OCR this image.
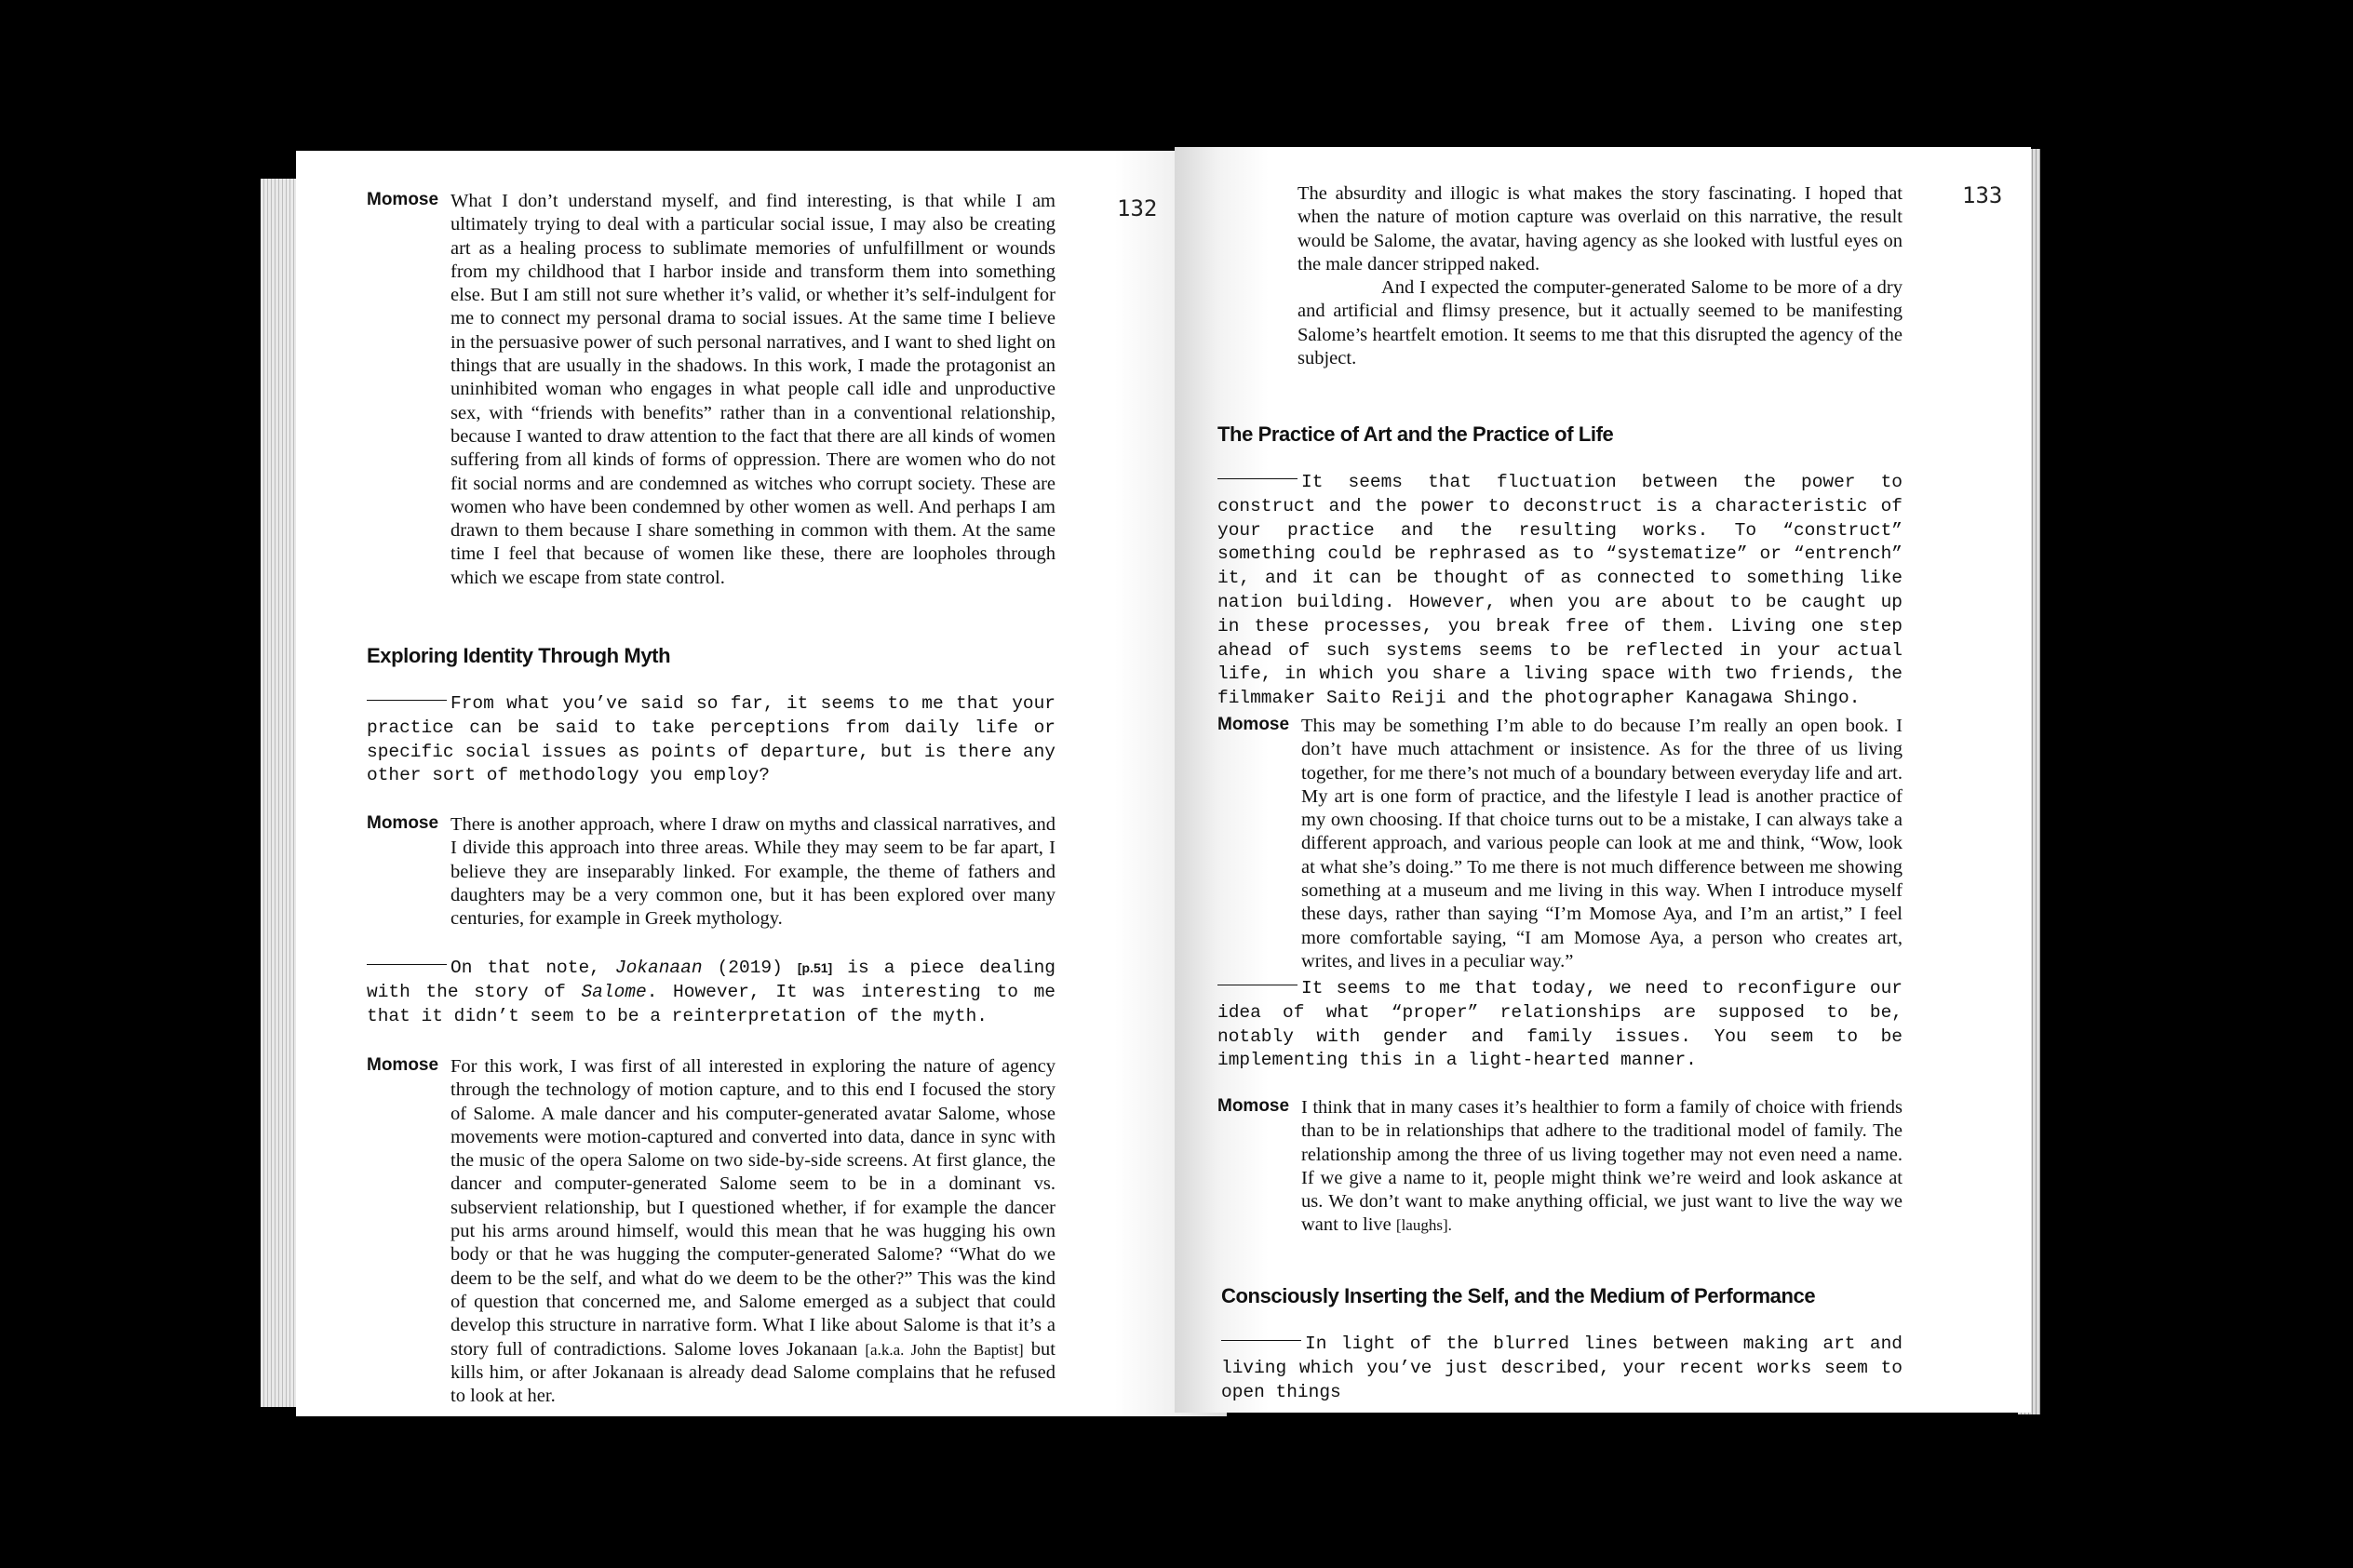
132
Momose What I don’t understand myself, and find interesting, is that while I am ultimately trying to deal with a particular social issue, I may also be creating art as a healing process to sublimate memories of unfulfillment or wounds from my childhood that I harbor inside and transform them into something else. But I am still not sure whether it’s valid, or whether it’s self-indulgent for me to connect my personal drama to social issues. At the same time I believe in the persuasive power of such personal narratives, and I want to shed light on things that are usually in the shadows. In this work, I made the protagonist an uninhibited woman who engages in what people call idle and unproductive sex, with “friends with benefits” rather than in a conventional relationship, because I wanted to draw attention to the fact that there are all kinds of women suffering from all kinds of forms of oppression. There are women who do not fit social norms and are condemned as witches who corrupt society. These are women who have been condemned by other women as well. And perhaps I am drawn to them because I share something in common with them. At the same time I feel that because of women like these, there are loopholes through which we escape from state control.

Exploring Identity Through Myth

From what you’ve said so far, it seems to me that your practice can be said to take perceptions from daily life or specific social issues as points of departure, but is there any other sort of methodology you employ?

Momose There is another approach, where I draw on myths and classical narratives, and I divide this approach into three areas. While they may seem to be far apart, I believe they are inseparably linked. For example, the theme of fathers and daughters may be a very common one, but it has been explored over many centuries, for example in Greek mythology.

On that note, Jokanaan (2019) [p.51] is a piece dealing with the story of Salome. However, It was interesting to me that it didn’t seem to be a reinterpretation of the myth.

Momose For this work, I was first of all interested in exploring the nature of agency through the technology of motion capture, and to this end I focused the story of Salome. A male dancer and his computer-generated avatar Salome, whose movements were motion-captured and converted into data, dance in sync with the music of the opera Salome on two side-by-side screens. At first glance, the dancer and computer-generated Salome seem to be in a dominant vs. subservient relationship, but I questioned whether, if for example the dancer put his arms around himself, would this mean that he was hugging his own body or that he was hugging the computer-generated Salome? “What do we deem to be the self, and what do we deem to be the other?” This was the kind of question that concerned me, and Salome emerged as a subject that could develop this structure in narrative form. What I like about Salome is that it’s a story full of contradictions. Salome loves Jokanaan [a.k.a. John the Baptist] but kills him, or after Jokanaan is already dead Salome complains that he refused to look at her.

133

The absurdity and illogic is what makes the story fascinating. I hoped that when the nature of motion capture was overlaid on this narrative, the result would be Salome, the avatar, having agency as she looked with lustful eyes on the male dancer stripped naked.

And I expected the computer-generated Salome to be more of a dry and artificial and flimsy presence, but it actually seemed to be manifesting Salome’s heartfelt emotion. It seems to me that this disrupted the agency of the subject.

The Practice of Art and the Practice of Life

It seems that fluctuation between the power to construct and the power to deconstruct is a characteristic of your practice and the resulting works. To “construct” something could be rephrased as to “systematize” or “entrench” it, and it can be thought of as connected to something like nation building. However, when you are about to be caught up in these processes, you break free of them. Living one step ahead of such systems seems to be reflected in your actual life, in which you share a living space with two friends, the filmmaker Saito Reiji and the photographer Kanagawa Shingo.

Momose This may be something I’m able to do because I’m really an open book. I don’t have much attachment or insistence. As for the three of us living together, for me there’s not much of a boundary between everyday life and art. My art is one form of practice, and the lifestyle I lead is another practice of my own choosing. If that choice turns out to be a mistake, I can always take a different approach, and various people can look at me and think, “Wow, look at what she’s doing.” To me there is not much difference between me showing something at a museum and me living in this way. When I introduce myself these days, rather than saying “I’m Momose Aya, and I’m an artist,” I feel more comfortable saying, “I am Momose Aya, a person who creates art, writes, and lives in a peculiar way.”

It seems to me that today, we need to reconfigure our idea of what “proper” relationships are supposed to be, notably with gender and family issues. You seem to be implementing this in a light-hearted manner.

Momose I think that in many cases it’s healthier to form a family of choice with friends than to be in relationships that adhere to the traditional model of family. The relationship among the three of us living together may not even need a name. If we give a name to it, people might think we’re weird and look askance at us. We don’t want to make anything official, we just want to live the way we want to live [laughs].

Consciously Inserting the Self, and the Medium of Performance

In light of the blurred lines between making art and living which you’ve just described, your recent works seem to open things
